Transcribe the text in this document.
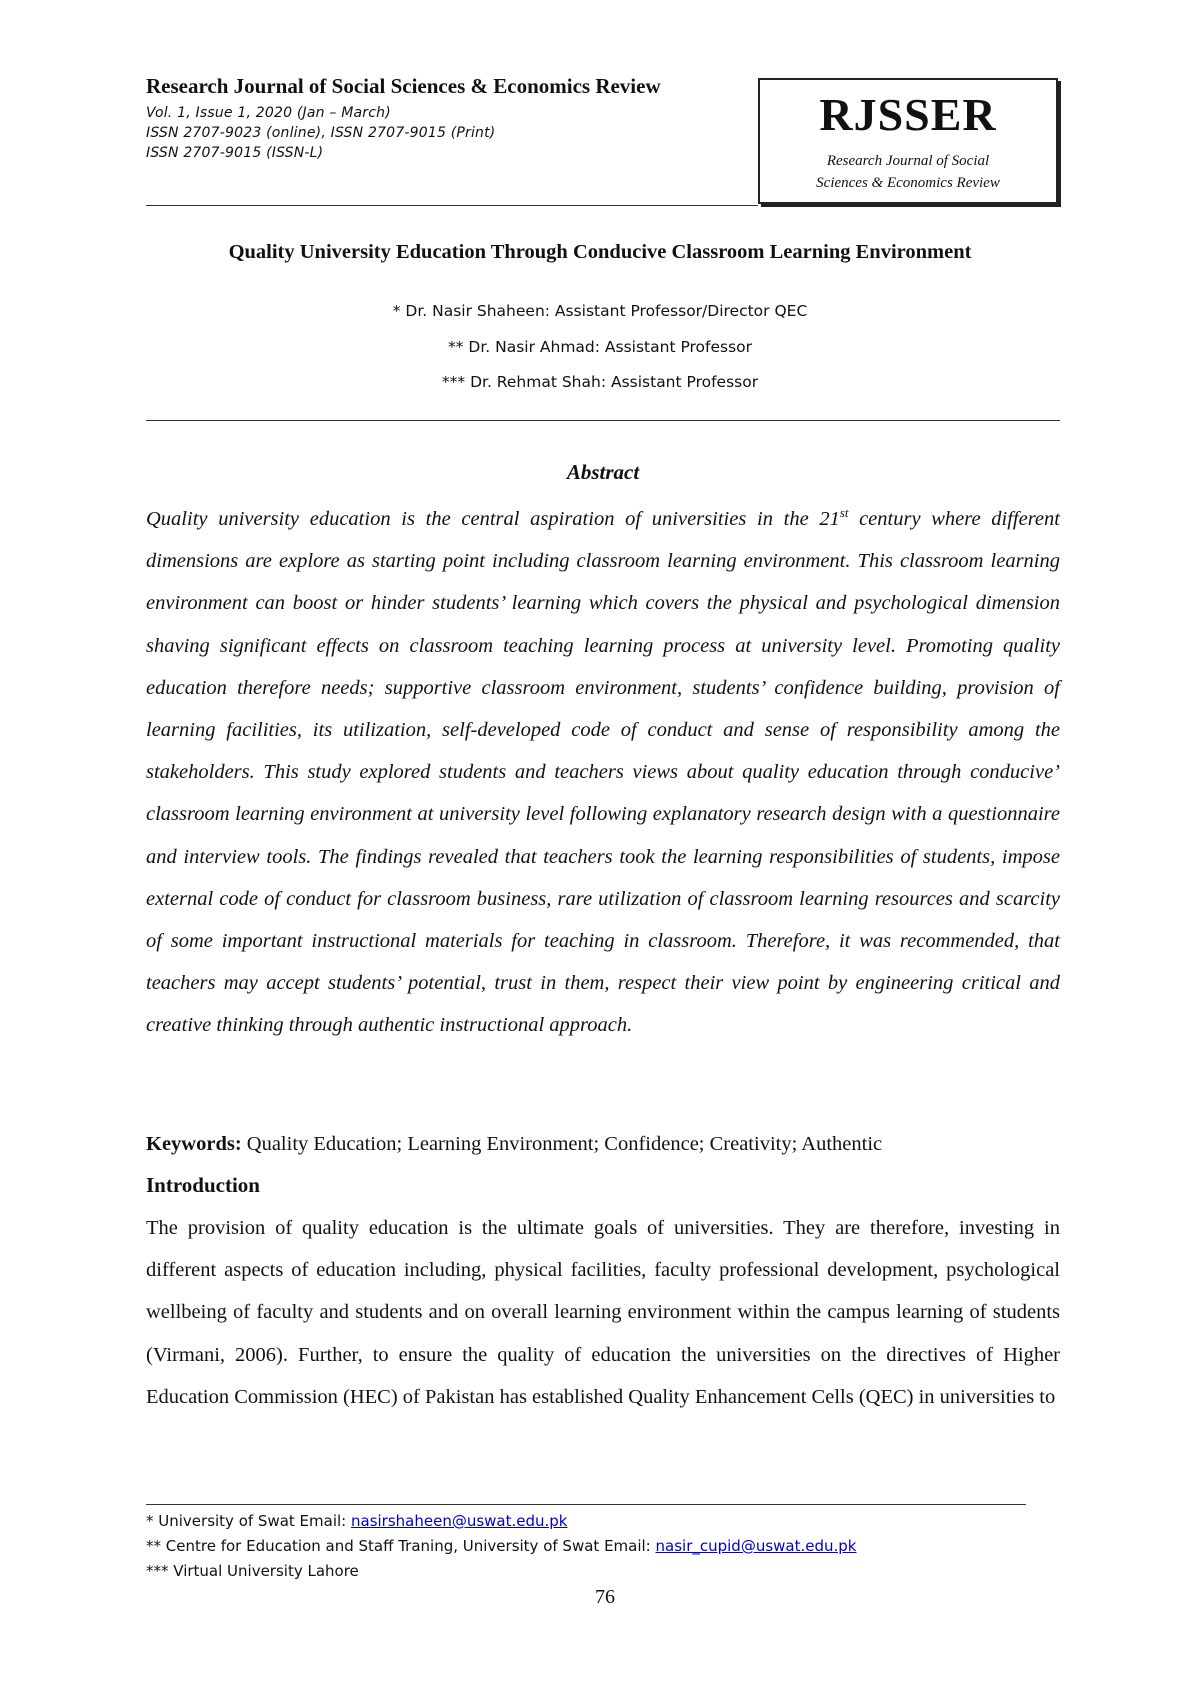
Research Journal of Social Sciences & Economics Review
Vol. 1, Issue 1, 2020 (Jan – March)
ISSN 2707-9023 (online), ISSN 2707-9015 (Print)
ISSN 2707-9015 (ISSN-L)
RJSSER
Research Journal of Social
Sciences & Economics Review
Quality University Education Through Conducive Classroom Learning Environment
* Dr. Nasir Shaheen: Assistant Professor/Director QEC
** Dr. Nasir Ahmad: Assistant Professor
*** Dr. Rehmat Shah: Assistant Professor
Abstract

Quality university education is the central aspiration of universities in the 21st century where different dimensions are explore as starting point including classroom learning environment. This classroom learning environment can boost or hinder students’ learning which covers the physical and psychological dimension shaving significant effects on classroom teaching learning process at university level. Promoting quality education therefore needs; supportive classroom environment, students’ confidence building, provision of learning facilities, its utilization, self-developed code of conduct and sense of responsibility among the stakeholders. This study explored students and teachers views about quality education through conducive’ classroom learning environment at university level following explanatory research design with a questionnaire and interview tools. The findings revealed that teachers took the learning responsibilities of students, impose external code of conduct for classroom business, rare utilization of classroom learning resources and scarcity of some important instructional materials for teaching in classroom. Therefore, it was recommended, that teachers may accept students’ potential, trust in them, respect their view point by engineering critical and creative thinking through authentic instructional approach.

Keywords: Quality Education; Learning Environment; Confidence; Creativity; Authentic

Introduction

The provision of quality education is the ultimate goals of universities. They are therefore, investing in different aspects of education including, physical facilities, faculty professional development, psychological wellbeing of faculty and students and on overall learning environment within the campus learning of students (Virmani, 2006). Further, to ensure the quality of education the universities on the directives of Higher Education Commission (HEC) of Pakistan has established Quality Enhancement Cells (QEC) in universities to

* University of Swat Email: nasirshaheen@uswat.edu.pk
** Centre for Education and Staff Traning, University of Swat Email: nasir_cupid@uswat.edu.pk
*** Virtual University Lahore
76
